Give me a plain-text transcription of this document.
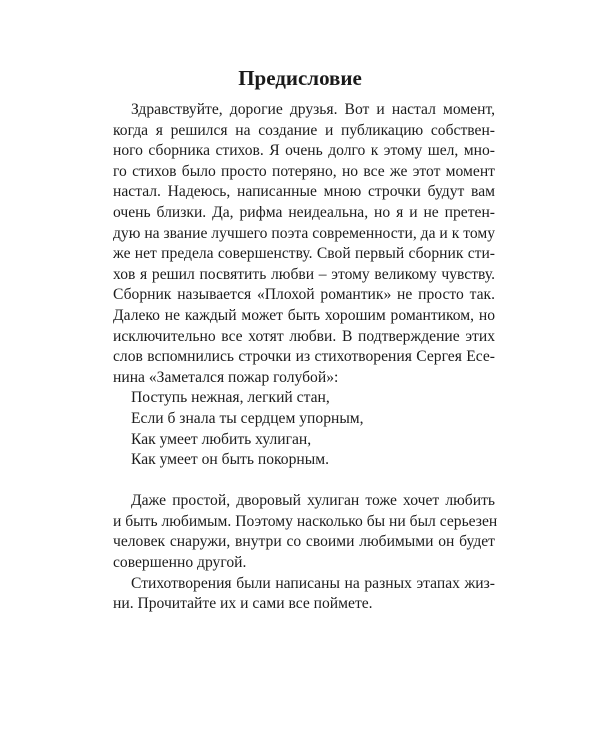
Предисловие
Здравствуйте, дорогие друзья. Вот и настал момент,
когда я решился на создание и публикацию собствен-
ного сборника стихов. Я очень долго к этому шел, мно-
го стихов было просто потеряно, но все же этот момент
настал. Надеюсь, написанные мною строчки будут вам
очень близки. Да, рифма неидеальна, но я и не претен-
дую на звание лучшего поэта современности, да и к тому
же нет предела совершенству. Свой первый сборник сти-
хов я решил посвятить любви – этому великому чувству.
Сборник называется «Плохой романтик» не просто так.
Далеко не каждый может быть хорошим романтиком, но
исключительно все хотят любви. В подтверждение этих
слов вспомнились строчки из стихотворения Сергея Есе-
нина «Заметался пожар голубой»:
Поступь нежная, легкий стан,
Если б знала ты сердцем упорным,
Как умеет любить хулиган,
Как умеет он быть покорным.
Даже простой, дворовый хулиган тоже хочет любить
и быть любимым. Поэтому насколько бы ни был серьезен
человек снаружи, внутри со своими любимыми он будет
совершенно другой.
Стихотворения были написаны на разных этапах жиз-
ни. Прочитайте их и сами все поймете.
